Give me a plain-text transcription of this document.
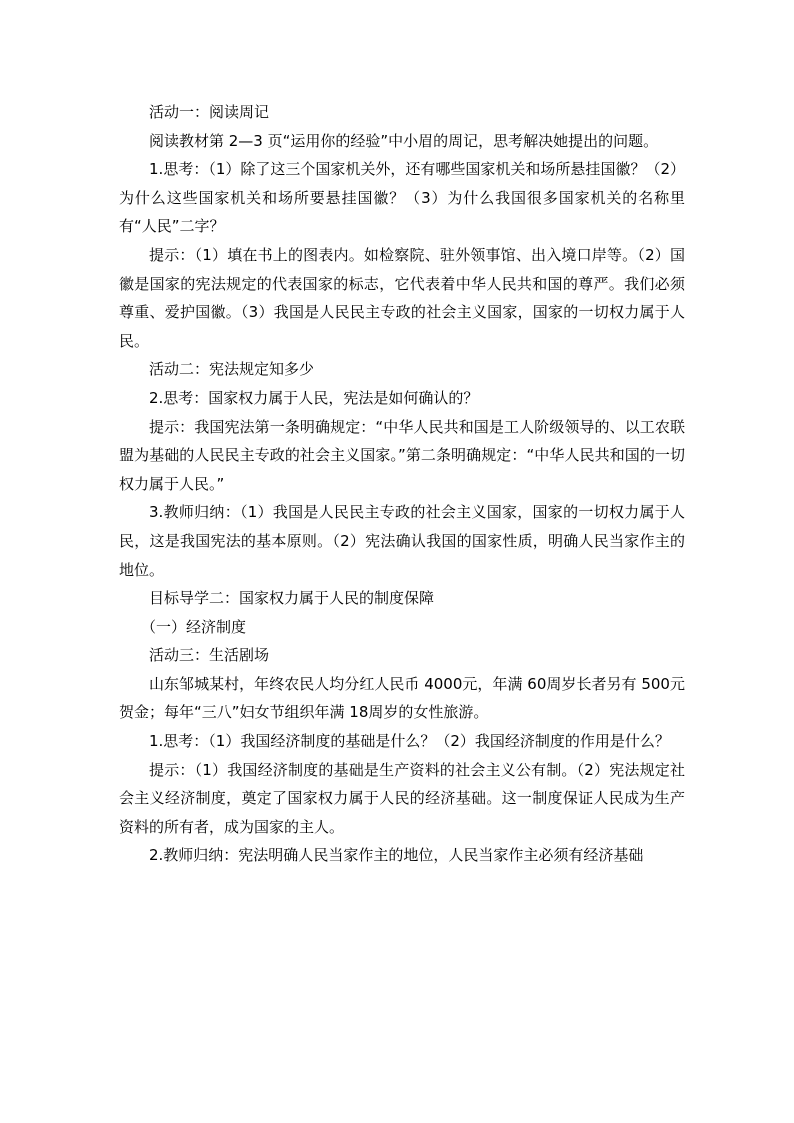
活动一：阅读周记

阅读教材第 2—3 页“运用你的经验”中小眉的周记，思考解决她提出的问题。

1.思考：（1）除了这三个国家机关外，还有哪些国家机关和场所悬挂国徽？（2）为什么这些国家机关和场所要悬挂国徽？（3）为什么我国很多国家机关的名称里有“人民”二字？

提示：（1）填在书上的图表内。如检察院、驻外领事馆、出入境口岸等。（2）国徽是国家的宪法规定的代表国家的标志，它代表着中华人民共和国的尊严。我们必须尊重、爱护国徽。（3）我国是人民民主专政的社会主义国家，国家的一切权力属于人民。

活动二：宪法规定知多少

2.思考：国家权力属于人民，宪法是如何确认的？

提示：我国宪法第一条明确规定：“中华人民共和国是工人阶级领导的、以工农联盟为基础的人民民主专政的社会主义国家。”第二条明确规定：“中华人民共和国的一切权力属于人民。”

3.教师归纳：（1）我国是人民民主专政的社会主义国家，国家的一切权力属于人民，这是我国宪法的基本原则。（2）宪法确认我国的国家性质，明确人民当家作主的地位。

目标导学二：国家权力属于人民的制度保障

（一）经济制度

活动三：生活剧场

山东邹城某村，年终农民人均分红人民币 4000元，年满 60周岁长者另有 500元贺金；每年“三八”妇女节组织年满 18周岁的女性旅游。

1.思考：（1）我国经济制度的基础是什么？（2）我国经济制度的作用是什么？

提示：（1）我国经济制度的基础是生产资料的社会主义公有制。（2）宪法规定社会主义经济制度，奠定了国家权力属于人民的经济基础。这一制度保证人民成为生产资料的所有者，成为国家的主人。

2.教师归纳：宪法明确人民当家作主的地位，人民当家作主必须有经济基础
